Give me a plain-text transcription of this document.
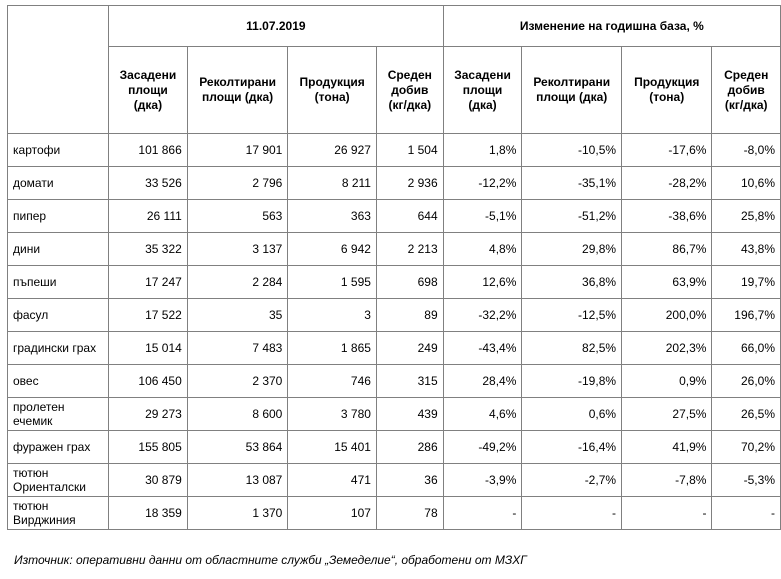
	11.07.2019				Изменение на годишна база, %			
	Засадени площи (дка)	Реколтирани площи (дка)	Продукция (тона)	Среден добив (кг/дка)	Засадени площи (дка)	Реколтирани площи (дка)	Продукция (тона)	Среден добив (кг/дка)
картофи	101 866	17 901	26 927	1 504	1,8%	-10,5%	-17,6%	-8,0%
домати	33 526	2 796	8 211	2 936	-12,2%	-35,1%	-28,2%	10,6%
пипер	26 111	563	363	644	-5,1%	-51,2%	-38,6%	25,8%
дини	35 322	3 137	6 942	2 213	4,8%	29,8%	86,7%	43,8%
пъпеши	17 247	2 284	1 595	698	12,6%	36,8%	63,9%	19,7%
фасул	17 522	35	3	89	-32,2%	-12,5%	200,0%	196,7%
градински грах	15 014	7 483	1 865	249	-43,4%	82,5%	202,3%	66,0%
овес	106 450	2 370	746	315	28,4%	-19,8%	0,9%	26,0%
пролетен ечемик	29 273	8 600	3 780	439	4,6%	0,6%	27,5%	26,5%
фуражен грах	155 805	53 864	15 401	286	-49,2%	-16,4%	41,9%	70,2%
тютюн Ориенталски	30 879	13 087	471	36	-3,9%	-2,7%	-7,8%	-5,3%
тютюн Вирджиния	18 359	1 370	107	78	-	-	-	-
Източник: оперативни данни от областните служби „Земеделие“, обработени от МЗХГ
